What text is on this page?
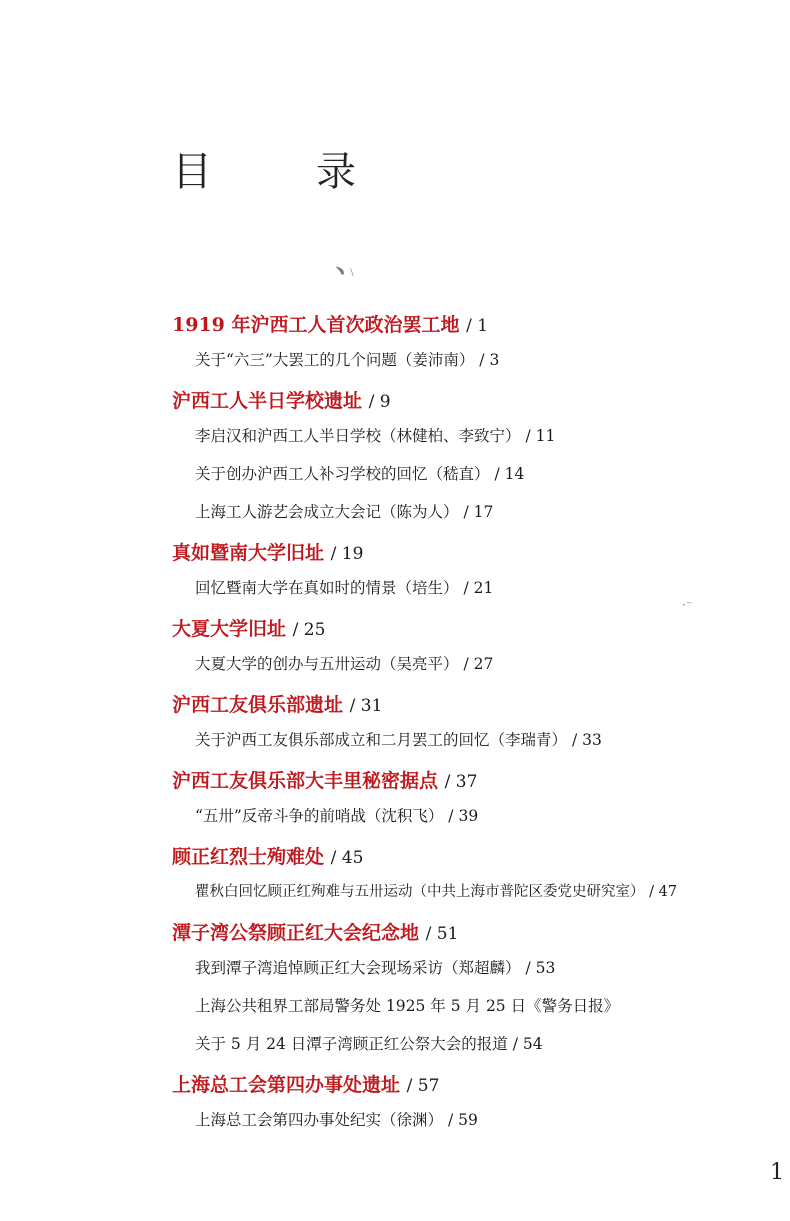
目　录
1919 年沪西工人首次政治罢工地 / 1
关于“六三”大罢工的几个问题（姜沛南） / 3
沪西工人半日学校遗址 / 9
李启汉和沪西工人半日学校（林健柏、李致宁） / 11
关于创办沪西工人补习学校的回忆（嵇直） / 14
上海工人游艺会成立大会记（陈为人） / 17
真如暨南大学旧址 / 19
回忆暨南大学在真如时的情景（培生） / 21
大夏大学旧址 / 25
大夏大学的创办与五卅运动（吴亮平） / 27
沪西工友俱乐部遗址 / 31
关于沪西工友俱乐部成立和二月罢工的回忆（李瑞青） / 33
沪西工友俱乐部大丰里秘密据点 / 37
“五卅”反帝斗争的前哨战（沈积飞） / 39
顾正红烈士殉难处 / 45
瞿秋白回忆顾正红殉难与五卅运动（中共上海市普陀区委党史研究室） / 47
潭子湾公祭顾正红大会纪念地 / 51
我到潭子湾追悼顾正红大会现场采访（郑超麟） / 53
上海公共租界工部局警务处 1925 年 5 月 25 日《警务日报》
关于 5 月 24 日潭子湾顾正红公祭大会的报道 / 54
上海总工会第四办事处遗址 / 57
上海总工会第四办事处纪实（徐渊） / 59
﹅﹨
·⁻
1
